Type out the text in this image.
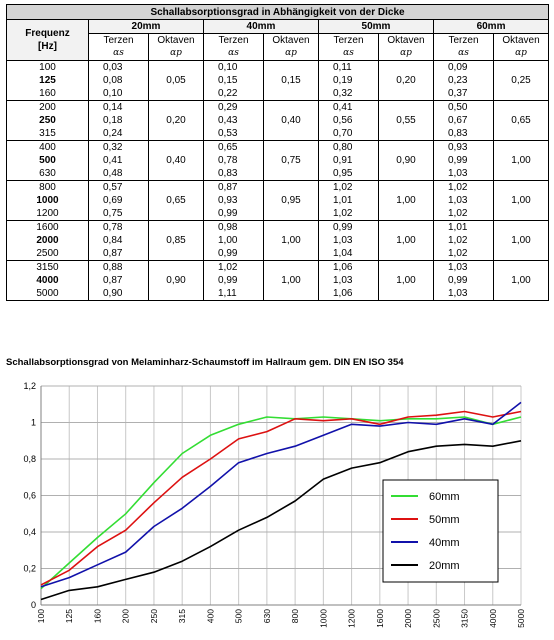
Schallabsorptionsgrad in Abhängigkeit von der Dicke								

Frequenz
[Hz]	20mm		40mm		50mm		60mm	
	Terzen	Oktaven	Terzen	Oktaven	Terzen	Oktaven	Terzen	Oktaven
	αs	αp	αs	αp	αs	αp	αs	αp
100	0,03	0,05	0,10	0,15	0,11	0,20	0,09	0,25
125	0,08		0,15		0,19		0,23	
160	0,10		0,22		0,32		0,37	
200	0,14	0,20	0,29	0,40	0,41	0,55	0,50	0,65
250	0,18		0,43		0,56		0,67	
315	0,24		0,53		0,70		0,83	
400	0,32	0,40	0,65	0,75	0,80	0,90	0,93	1,00
500	0,41		0,78		0,91		0,99	
630	0,48		0,83		0,95		1,03	
800	0,57	0,65	0,87	0,95	1,02	1,00	1,02	1,00
1000	0,69		0,93		1,01		1,03	
1200	0,75		0,99		1,02		1,02	
1600	0,78	0,85	0,98	1,00	0,99	1,00	1,01	1,00
2000	0,84		1,00		1,03		1,02	
2500	0,87		0,99		1,04		1,02	
3150	0,88	0,90	1,02	1,00	1,06	1,00	1,03	1,00
4000	0,87		0,99		1,03		0,99	
5000	0,90		1,11		1,06		1,03	
Schallabsorptionsgrad von Melaminharz-Schaumstoff im Hallraum gem. DIN EN ISO 354
0
0,2
0,4
0,6
0,8
1
1,2
100 125 160 200 250 315 400 500 630 800 1000 1200 1600 2000 2500 3150 4000 5000
60mm
50mm
40mm
20mm
